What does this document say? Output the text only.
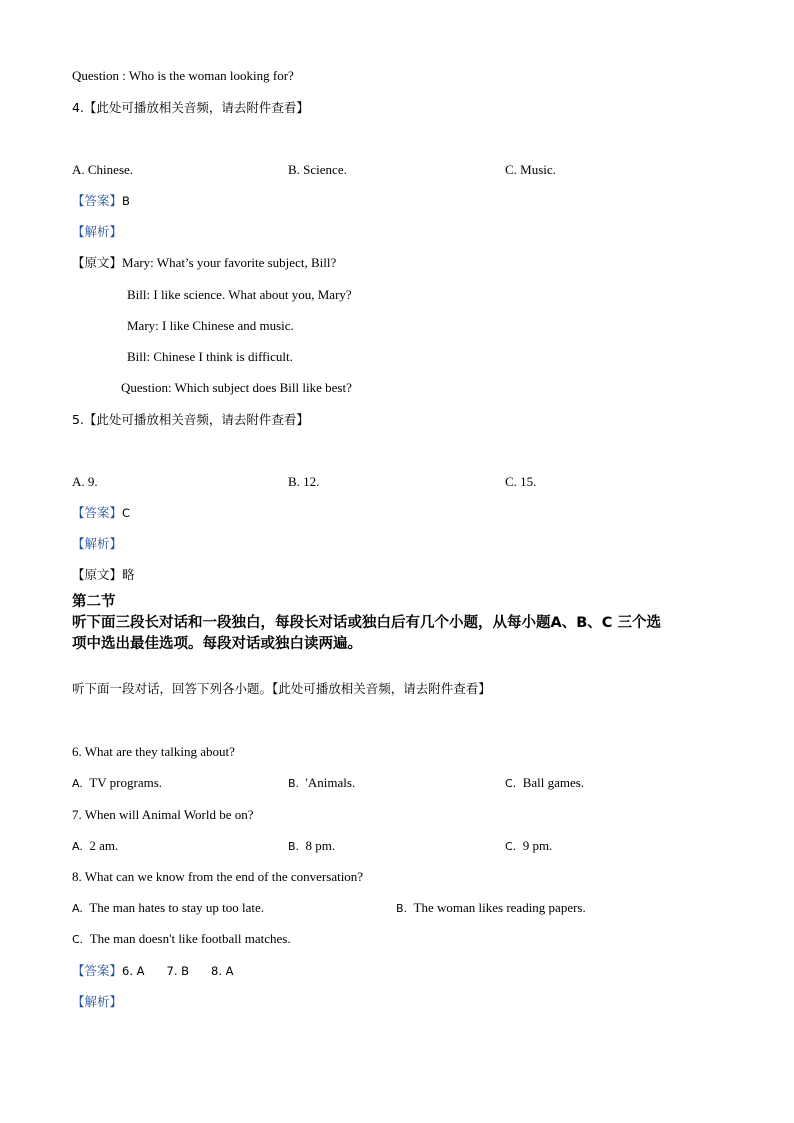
Question : Who is the woman looking for?
4.【此处可播放相关音频，请去附件查看】
A. Chinese.	B. Science.	C. Music.
【答案】B
【解析】
【原文】Mary: What’s your favorite subject, Bill?
Bill: I like science. What about you, Mary?
Mary: I like Chinese and music.
Bill: Chinese I think is difficult.
Question: Which subject does Bill like best?
5.【此处可播放相关音频，请去附件查看】
A. 9.	B. 12.	C. 15.
【答案】C
【解析】
【原文】略
第二节
听下面三段长对话和一段独白，每段长对话或独白后有几个小题，从每小题A、B、C 三个选
项中选出最佳选项。每段对话或独白读两遍。
听下面一段对话，回答下列各小题。【此处可播放相关音频，请去附件查看】
6. What are they talking about?
A. TV programs.	B. 'Animals.	C. Ball games.
7. When will Animal World be on?
A. 2 am.	B. 8 pm.	C. 9 pm.
8. What can we know from the end of the conversation?
A. The man hates to stay up too late.	B. The woman likes reading papers.
C. The man doesn't like football matches.
【答案】6. A 7. B 8. A
【解析】
